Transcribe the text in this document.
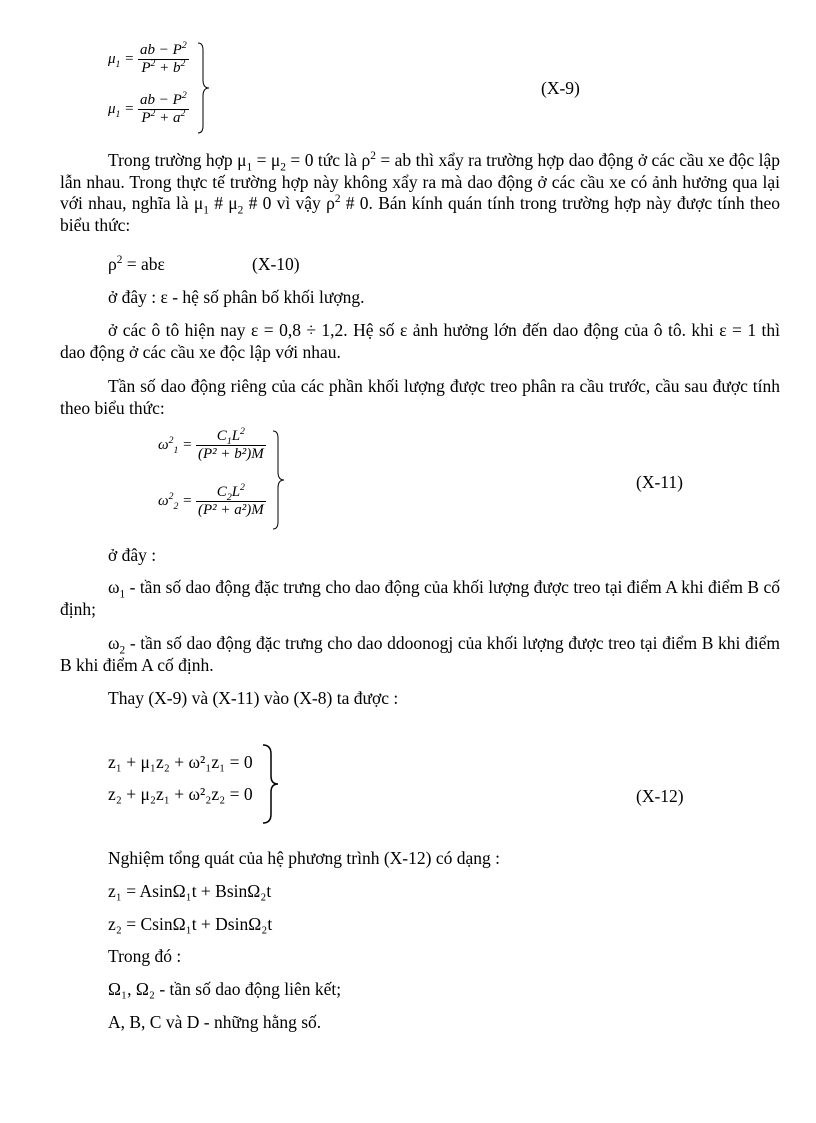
$\mu_1 = \frac{ab - P^2}{P^2 + b^2}$
$\mu_1 = \frac{ab - P^2}{P^2 + a^2}$
(X-9)
Trong trường hợp $\mu_1 = \mu_2 = 0$ tức là $\rho^2$ = ab thì xẩy ra trường hợp dao động ở các cầu xe độc lập lẫn nhau. Trong thực tế trường hợp này không xẩy ra mà dao động ở các cầu xe có ảnh hưởng qua lại với nhau, nghĩa là $\mu_1$ # $\mu_2$ # 0 vì vậy $\rho^2$ # 0. Bán kính quán tính trong trường hợp này được tính theo biểu thức:
$\rho^2 = ab\varepsilon$	(X-10)
ở đây : ε - hệ số phân bố khối lượng.
ở các ô tô hiện nay ε = 0,8 ÷ 1,2. Hệ số ε ảnh hưởng lớn đến dao động của ô tô. khi ε = 1 thì dao động ở các cầu xe độc lập với nhau.
Tần số dao động riêng của các phần khối lượng được treo phân ra cầu trước, cầu sau được tính theo biểu thức:
$\omega^2_1 = \frac{C_1L^2}{\text{(P² + b²)M}}$
$\omega^2_2 = \frac{C_2L^2}{\text{(P² + a²)M}}$
(X-11)
ở đây :
$\omega_1$ - tần số dao động đặc trưng cho dao động của khối lượng được treo tại điểm A khi điểm B cố định;
$\omega_2$ - tần số dao động đặc trưng cho dao ddoonogj của khối lượng được treo tại điểm B khi điểm B khi điểm A cố định.
Thay (X-9) và (X-11) vào (X-8) ta được :
z₁ + μ₁z₂ + ω²₁z₁ = 0
z₂ + μ₂z₁ + ω²₂z₂ = 0	(X-12)
Nghiệm tổng quát của hệ phương trình (X-12) có dạng :
z₁ = AsinΩ₁t + BsinΩ₂t
z₂ = CsinΩ₁t + DsinΩ₂t
Trong đó :
Ω₁, Ω₂ - tần số dao động liên kết;
A, B, C và D - những hằng số.
